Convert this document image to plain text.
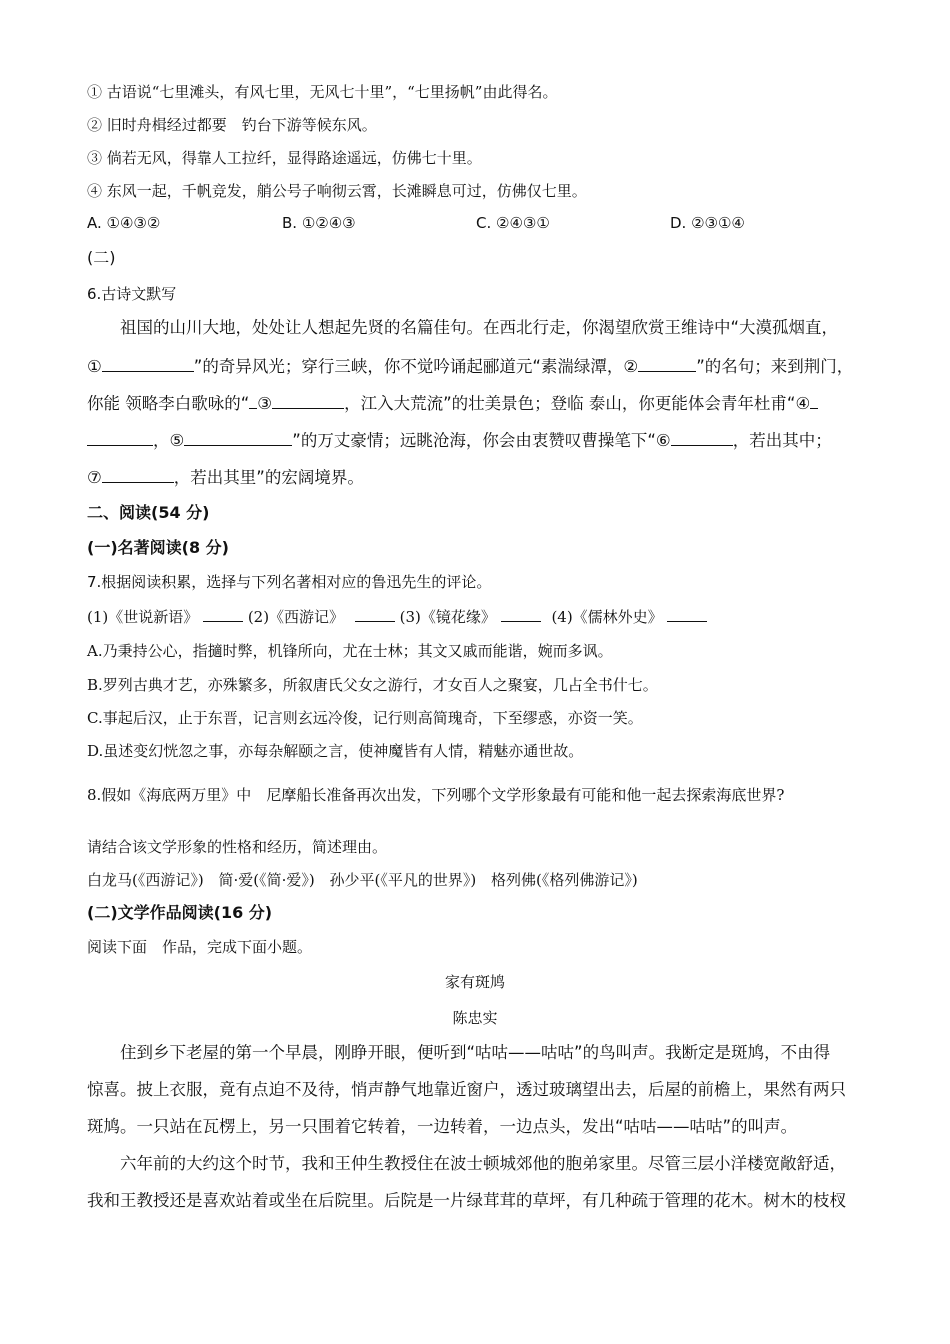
① 古语说“七里滩头，有风七里，无风七十里”，“七里扬帆”由此得名。
② 旧时舟楫经过都要　钓台下游等候东风。
③ 倘若无风，得靠人工拉纤，显得路途遥远，仿佛七十里。
④ 东风一起，千帆竞发，艄公号子响彻云霄，长滩瞬息可过，仿佛仅七里。
A. ①④③②	B. ①②④③	C. ②④③①	D. ②③①④
(二)
6.古诗文默写
祖国的山川大地，处处让人想起先贤的名篇佳句。在西北行走，你渴望欣赏王维诗中“大漠孤烟直，
①	”的奇异风光；穿行三峡，你不觉吟诵起郦道元“素湍绿潭，②	”的名句；来到荆门，
你能 领略李白歌咏的“ ③	，江入大荒流”的壮美景色；登临 泰山，你更能体会青年杜甫“④
，⑤	”的万丈豪情；远眺沧海，你会由衷赞叹曹操笔下“⑥	，若出其中；
⑦	，若出其里”的宏阔境界。
二、阅读(54 分)
(一)名著阅读(8 分)
7.根据阅读积累，选择与下列名著相对应的鲁迅先生的评论。
(1)《世说新语》	(2)《西游记》	(3)《镜花缘》	(4)《儒林外史》
A.乃秉持公心，指擿时弊，机锋所向，尤在士林；其文又戚而能谐，婉而多讽。
B.罗列古典才艺，亦殊繁多，所叙唐氏父女之游行，才女百人之聚宴，几占全书什七。
C.事起后汉，止于东晋，记言则玄远冷俊，记行则高简瑰奇，下至缪惑，亦资一笑。
D.虽述变幻恍忽之事，亦每杂解颐之言，使神魔皆有人情，精魅亦通世故。
8.假如《海底两万里》中　尼摩船长准备再次出发，下列哪个文学形象最有可能和他一起去探索海底世界?
请结合该文学形象的性格和经历，简述理由。
白龙马(《西游记》) 简·爱(《简·爱》) 孙少平(《平凡的世界》) 格列佛(《格列佛游记》)
(二)文学作品阅读(16 分)
阅读下面　作品，完成下面小题。
家有斑鸠
陈忠实
住到乡下老屋的第一个早晨，刚睁开眼，便听到“咕咕——咕咕”的鸟叫声。我断定是斑鸠，不由得
惊喜。披上衣服，竟有点迫不及待，悄声静气地靠近窗户，透过玻璃望出去，后屋的前檐上，果然有两只
斑鸠。一只站在瓦楞上，另一只围着它转着，一边转着，一边点头，发出“咕咕——咕咕”的叫声。
六年前的大约这个时节，我和王仲生教授住在波士顿城郊他的胞弟家里。尽管三层小洋楼宽敞舒适，
我和王教授还是喜欢站着或坐在后院里。后院是一片绿茸茸的草坪，有几种疏于管理的花木。树木的枝杈
